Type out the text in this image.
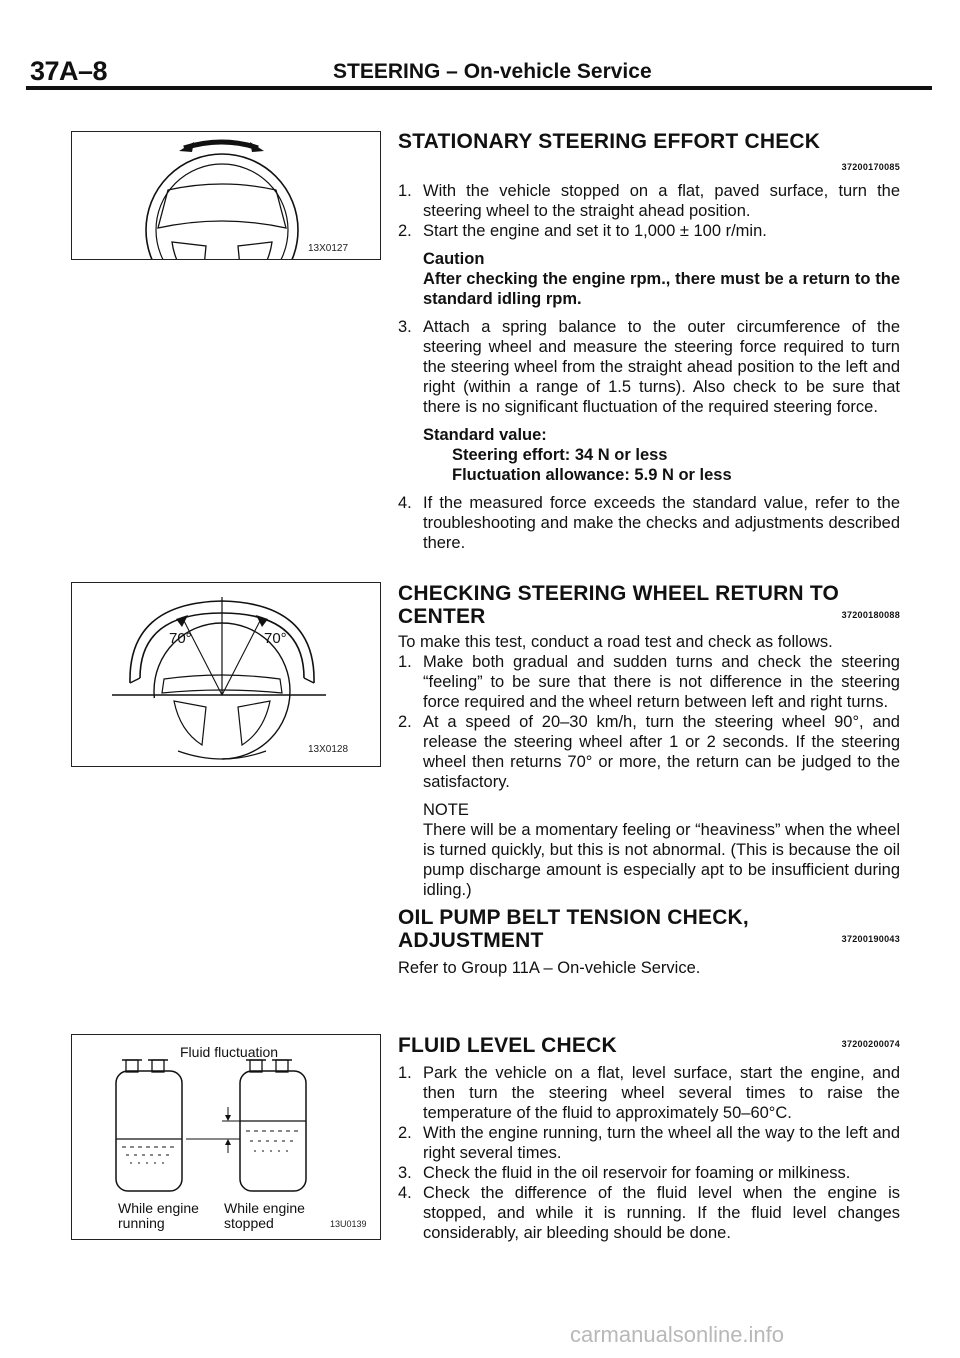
37A–8	STEERING – On-vehicle Service
13X0127
70°	70°
13X0128
Fluid fluctuation
While engine
running
While engine
stopped	13U0139
STATIONARY STEERING EFFORT CHECK
37200170085
1. With the vehicle stopped on a flat, paved surface, turn the steering wheel to the straight ahead position.
2. Start the engine and set it to 1,000 ± 100 r/min.
Caution
After checking the engine rpm., there must be a return to the standard idling rpm.
3. Attach a spring balance to the outer circumference of the steering wheel and measure the steering force required to turn the steering wheel from the straight ahead position to the left and right (within a range of 1.5 turns). Also check to be sure that there is no significant fluctuation of the required steering force.
Standard value:
Steering effort: 34 N or less
Fluctuation allowance: 5.9 N or less
4. If the measured force exceeds the standard value, refer to the troubleshooting and make the checks and adjustments described there.
CHECKING STEERING WHEEL RETURN TO
CENTER	37200180088
To make this test, conduct a road test and check as follows.
1. Make both gradual and sudden turns and check the steering “feeling” to be sure that there is not difference in the steering force required and the wheel return between left and right turns.
2. At a speed of 20–30 km/h, turn the steering wheel 90°, and release the steering wheel after 1 or 2 seconds. If the steering wheel then returns 70° or more, the return can be judged to the satisfactory.
NOTE
There will be a momentary feeling or “heaviness” when the wheel is turned quickly, but this is not abnormal. (This is because the oil pump discharge amount is especially apt to be insufficient during idling.)
OIL PUMP BELT TENSION CHECK,
ADJUSTMENT	37200190043
Refer to Group 11A – On-vehicle Service.
FLUID LEVEL CHECK	37200200074
1. Park the vehicle on a flat, level surface, start the engine, and then turn the steering wheel several times to raise the temperature of the fluid to approximately 50–60°C.
2. With the engine running, turn the wheel all the way to the left and right several times.
3. Check the fluid in the oil reservoir for foaming or milkiness.
4. Check the difference of the fluid level when the engine is stopped, and while it is running. If the fluid level changes considerably, air bleeding should be done.
carmanualsonline.info
